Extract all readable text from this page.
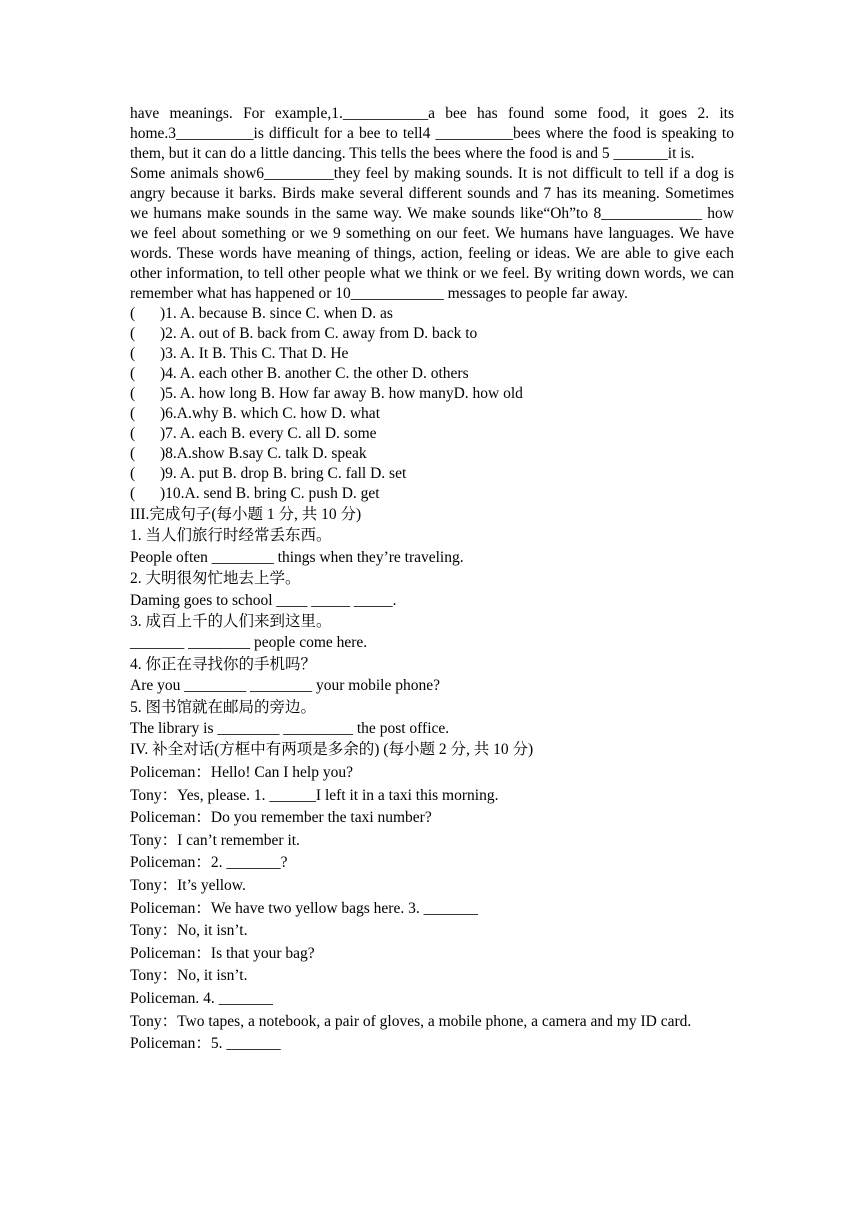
have meanings. For example,1.___________a bee has found some food, it goes 2. its home.3__________is difficult for a bee to tell4 __________bees where the food is speaking to them, but it can do a little dancing. This tells the bees where the food is and 5 _______it is.

Some animals show6_________they feel by making sounds. It is not difficult to tell if a dog is angry because it barks. Birds make several different sounds and 7 has its meaning. Sometimes we humans make sounds in the same way. We make sounds like“Oh”to 8_____________ how we feel about something or we 9 something on our feet. We humans have languages. We have words. These words have meaning of things, action, feeling or ideas. We are able to give each other information, to tell other people what we think or we feel. By writing down words, we can remember what has happened or 10____________ messages to people far away.

( )1. A. because B. since C. when D. as
( )2. A. out of B. back from C. away from D. back to
( )3. A. It B. This C. That D. He
( )4. A. each other B. another C. the other D. others
( )5. A. how long B. How far away B. how manyD. how old
( )6.A.why B. which C. how D. what
( )7. A. each B. every C. all D. some
( )8.A.show B.say C. talk D. speak
( )9. A. put B. drop B. bring C. fall D. set
( )10.A. send B. bring C. push D. get
III.完成句子(每小题 1 分, 共 10 分)
1. 当人们旅行时经常丢东西。
People often ________ things when they’re traveling.
2. 大明很匆忙地去上学。
Daming goes to school ____ _____ _____.
3. 成百上千的人们来到这里。
_______ ________ people come here.
4. 你正在寻找你的手机吗？
Are you ________ ________ your mobile phone?
5. 图书馆就在邮局的旁边。
The library is ________ _________ the post office.
IV. 补全对话(方框中有两项是多余的) (每小题 2 分, 共 10 分)
Policeman：Hello! Can I help you?
Tony：Yes, please. 1. ______I left it in a taxi this morning.
Policeman：Do you remember the taxi number?
Tony：I can’t remember it.
Policeman：2. _______?
Tony：It’s yellow.
Policeman：We have two yellow bags here. 3. _______
Tony：No, it isn’t.
Policeman：Is that your bag?
Tony：No, it isn’t.
Policeman. 4. _______
Tony：Two tapes, a notebook, a pair of gloves, a mobile phone, a camera and my ID card.
Policeman：5. _______
